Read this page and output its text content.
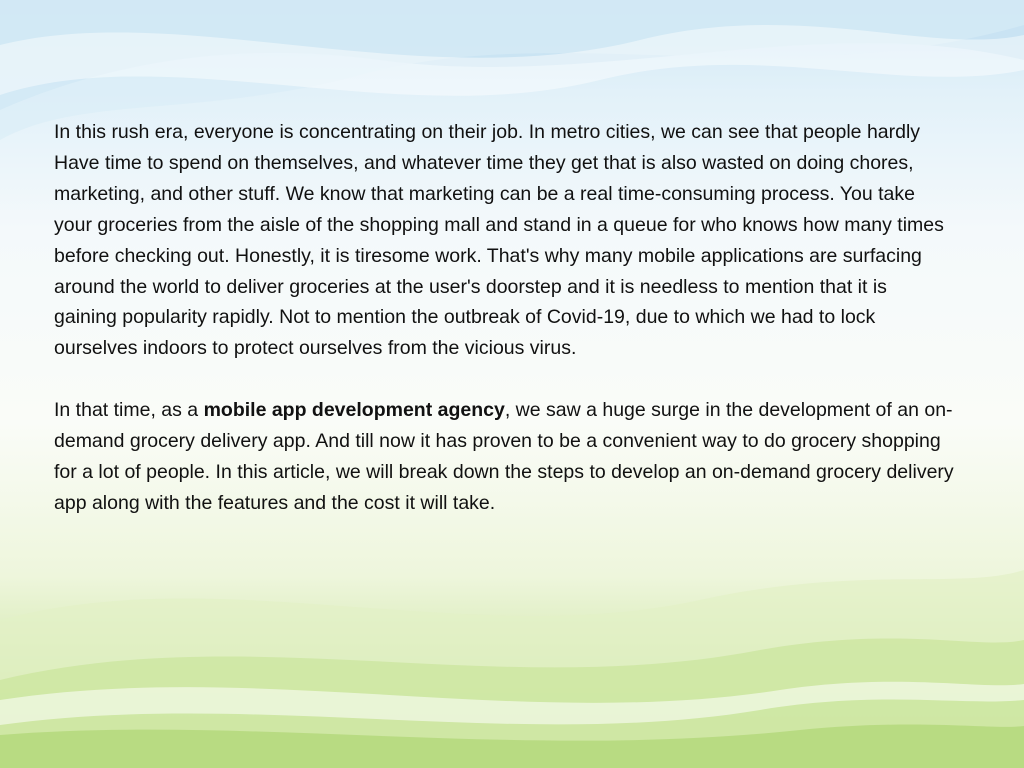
In this rush era, everyone is concentrating on their job. In metro cities, we can see that people hardly Have time to spend on themselves, and whatever time they get that is also wasted on doing chores, marketing, and other stuff. We know that marketing can be a real time-consuming process. You take your groceries from the aisle of the shopping mall and stand in a queue for who knows how many times before checking out. Honestly, it is tiresome work. That's why many mobile applications are surfacing around the world to deliver groceries at the user's doorstep and it is needless to mention that it is gaining popularity rapidly. Not to mention the outbreak of Covid-19, due to which we had to lock ourselves indoors to protect ourselves from the vicious virus.

In that time, as a mobile app development agency, we saw a huge surge in the development of an on-demand grocery delivery app. And till now it has proven to be a convenient way to do grocery shopping for a lot of people. In this article, we will break down the steps to develop an on-demand grocery delivery app along with the features and the cost it will take.
